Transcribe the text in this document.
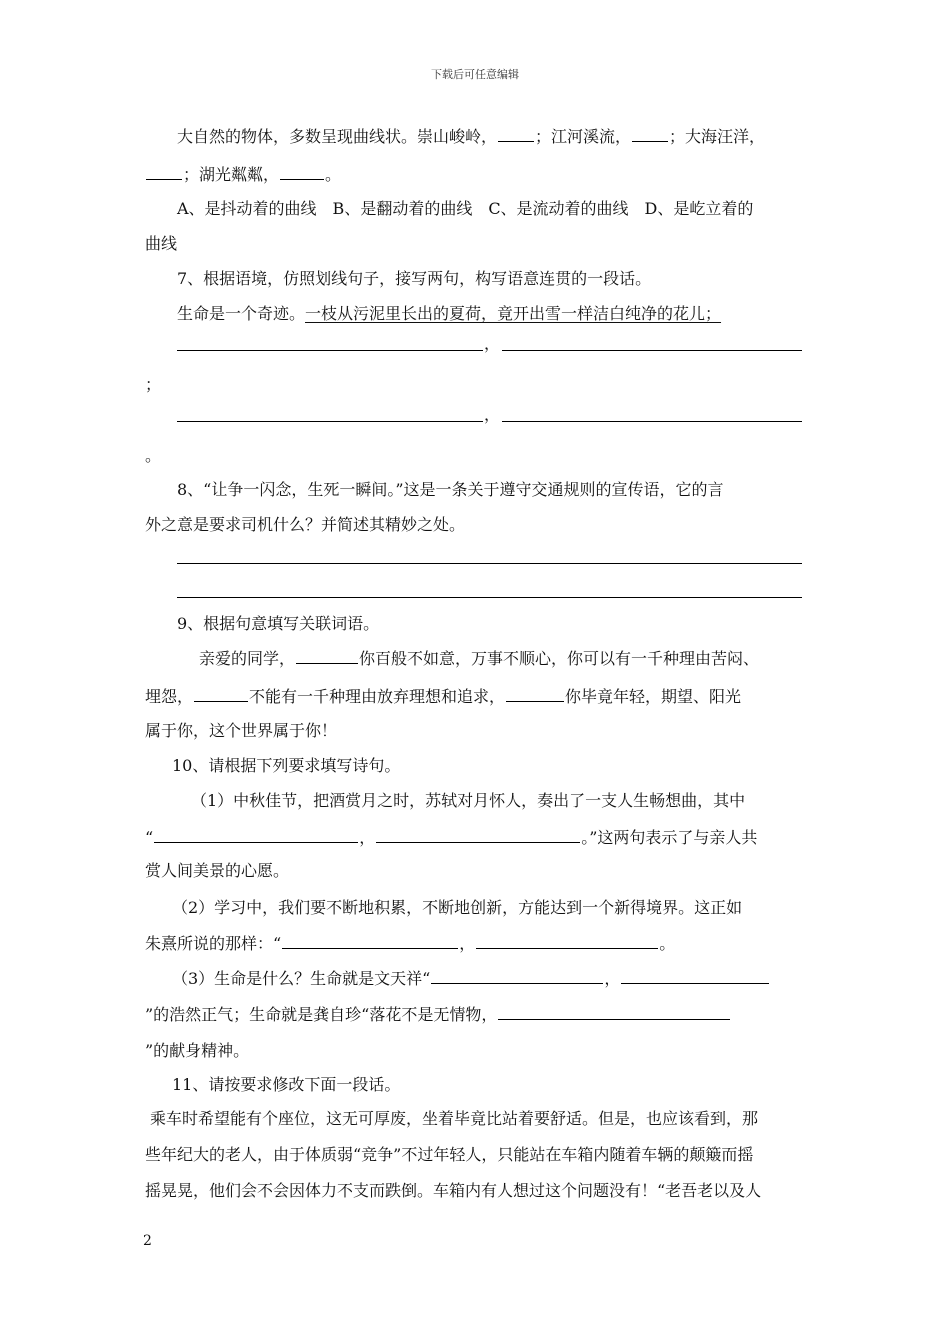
下载后可任意编辑
大自然的物体，多数呈现曲线状。崇山峻岭， ；江河溪流， ；大海汪洋，
；湖光粼粼，	。
A、是抖动着的曲线　B、是翻动着的曲线　C、是流动着的曲线　D、是屹立着的
曲线
7、根据语境，仿照划线句子，接写两句，构写语意连贯的一段话。
生命是一个奇迹。一枝从污泥里长出的夏荷，竟开出雪一样洁白纯净的花儿；
，
；
，
。
8、“让争一闪念，生死一瞬间。”这是一条关于遵守交通规则的宣传语，它的言
外之意是要求司机什么？并简述其精妙之处。
9、根据句意填写关联词语。
亲爱的同学，	你百般不如意，万事不顺心，你可以有一千种理由苦闷、
埋怨，	不能有一千种理由放弃理想和追求，	你毕竟年轻，期望、阳光
属于你，这个世界属于你！
10、请根据下列要求填写诗句。
（1）中秋佳节，把酒赏月之时，苏轼对月怀人，奏出了一支人生畅想曲，其中
“	，	。”这两句表示了与亲人共
赏人间美景的心愿。
（2）学习中，我们要不断地积累，不断地创新，方能达到一个新得境界。这正如
朱熹所说的那样：“	，	。
（3）生命是什么？生命就是文天祥“	，
”的浩然正气；生命就是龚自珍“落花不是无情物，
”的献身精神。
11、请按要求修改下面一段话。
乘车时希望能有个座位，这无可厚废，坐着毕竟比站着要舒适。但是，也应该看到，那
些年纪大的老人，由于体质弱“竞争”不过年轻人，只能站在车箱内随着车辆的颠簸而摇
摇晃晃，他们会不会因体力不支而跌倒。车箱内有人想过这个问题没有！“老吾老以及人
2
